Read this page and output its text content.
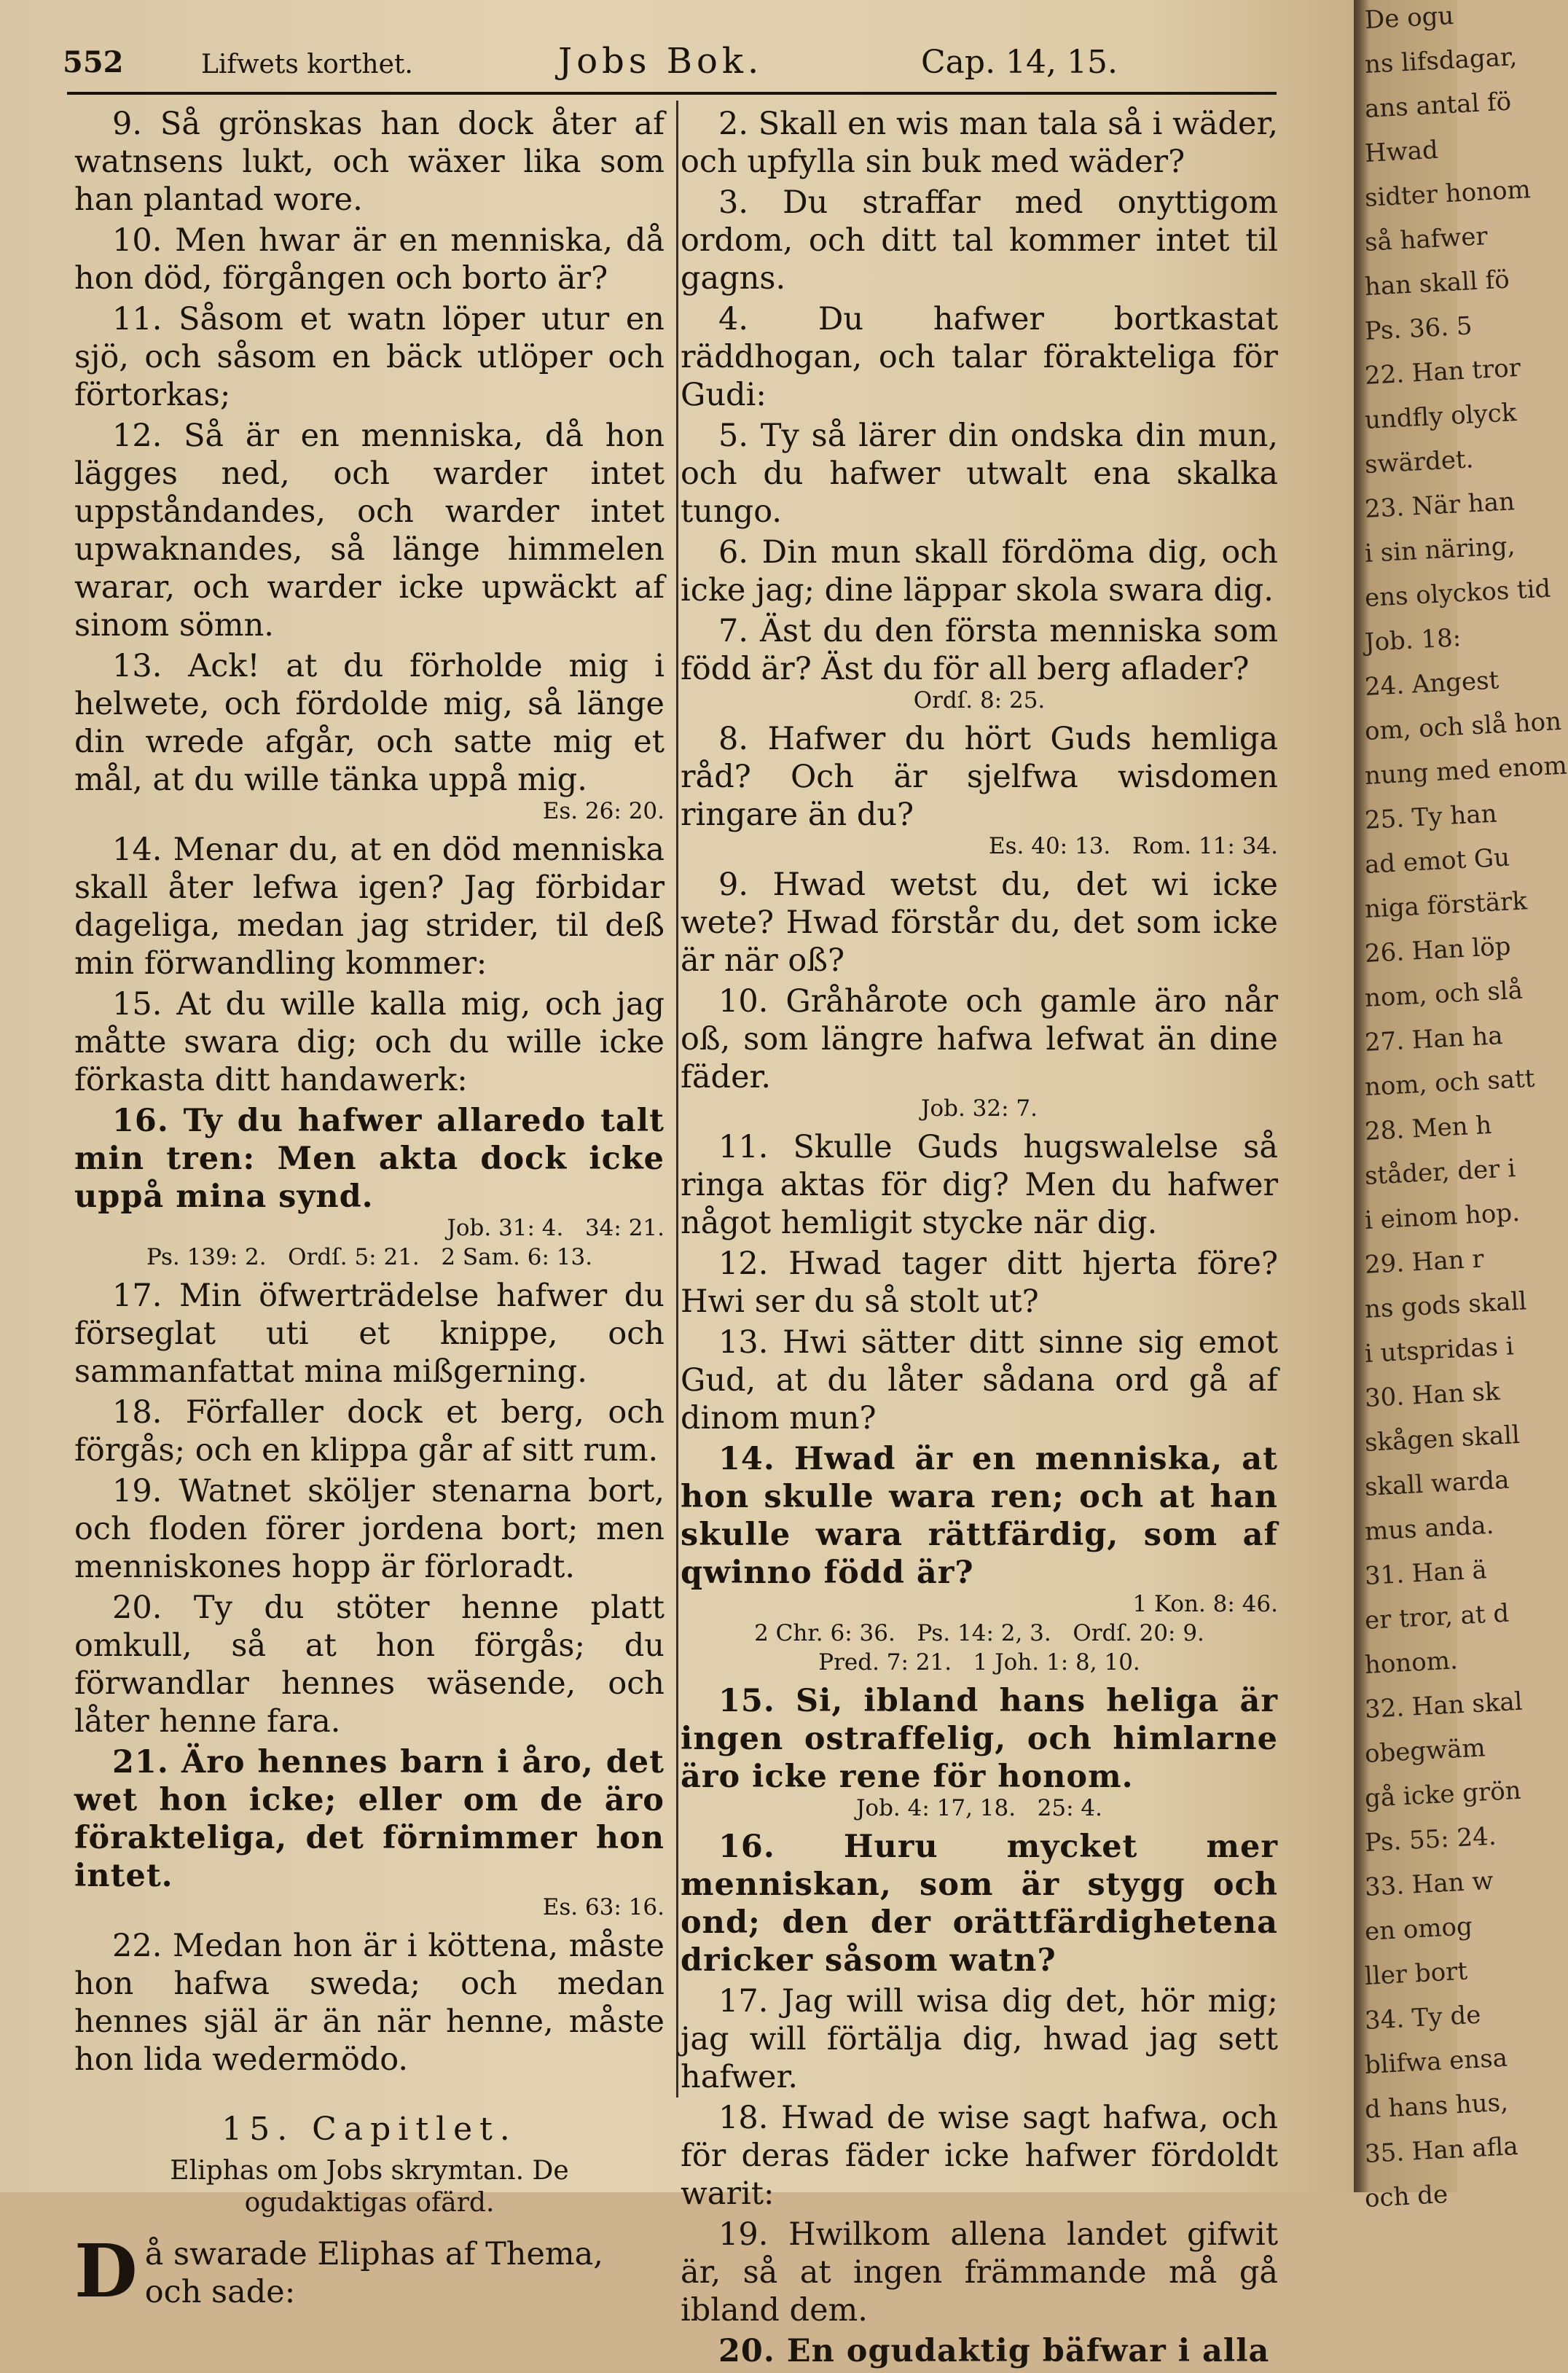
552	Lifwets korthet.	Jobs Bok.	Cap. 14, 15.

9. Så grönskas han dock åter af watnsens lukt, och wäxer lika som han plantad wore.

10. Men hwar är en menniska, då hon död, förgången och borto är?

11. Såsom et watn löper utur en sjö, och såsom en bäck utlöper och förtorkas;

12. Så är en menniska, då hon lägges ned, och warder intet uppståndandes, och warder intet upwaknandes, så länge himmelen warar, och warder icke upwäckt af sinom sömn.

13. Ack! at du förholde mig i helwete, och fördolde mig, så länge din wrede afgår, och satte mig et mål, at du wille tänka uppå mig.

Es. 26: 20.

14. Menar du, at en död menniska skall åter lefwa igen? Jag förbidar dageliga, medan jag strider, til deß min förwandling kommer:

15. At du wille kalla mig, och jag måtte swara dig; och du wille icke förkasta ditt handawerk:

16. Ty du hafwer allaredo talt min tren: Men akta dock icke uppå mina synd.

Job. 31: 4.   34: 21.
Ps. 139: 2.   Ordſ. 5: 21.   2 Sam. 6: 13.

17. Min öfwerträdelse hafwer du förseglat uti et knippe, och sammanfattat mina mißgerning.

18. Förfaller dock et berg, och förgås; och en klippa går af sitt rum.

19. Watnet sköljer stenarna bort, och floden förer jordena bort; men menniskones hopp är förloradt.

20. Ty du stöter henne platt omkull, så at hon förgås; du förwandlar hennes wäsende, och låter henne fara.

21. Äro hennes barn i åro, det wet hon icke; eller om de äro förakteliga, det förnimmer hon intet.

Es. 63: 16.

22. Medan hon är i köttena, måste hon hafwa sweda; och medan hennes själ är än när henne, måste hon lida wedermödo.

15. Capitlet.
Eliphas om Jobs skrymtan. De ogudaktigas ofärd.

Då swarade Eliphas af Thema, och sade:

2. Skall en wis man tala så i wäder, och upfylla sin buk med wäder?

3. Du straffar med onyttigom ordom, och ditt tal kommer intet til gagns.

4. Du hafwer bortkastat räddhogan, och talar förakteliga för Gudi:

5. Ty så lärer din ondska din mun, och du hafwer utwalt ena skalka tungo.

6. Din mun skall fördöma dig, och icke jag; dine läppar skola swara dig.

7. Äst du den första menniska som född är? Äst du för all berg aflader?

Ordſ. 8: 25.

8. Hafwer du hört Guds hemliga råd? Och är sjelfwa wisdomen ringare än du?

Es. 40: 13.   Rom. 11: 34.

9. Hwad wetst du, det wi icke wete? Hwad förstår du, det som icke är när oß?

10. Gråhårote och gamle äro når oß, som längre hafwa lefwat än dine fäder.

Job. 32: 7.

11. Skulle Guds hugswalelse så ringa aktas för dig? Men du hafwer något hemligit stycke när dig.

12. Hwad tager ditt hjerta före? Hwi ser du så stolt ut?

13. Hwi sätter ditt sinne sig emot Gud, at du låter sådana ord gå af dinom mun?

14. Hwad är en menniska, at hon skulle wara ren; och at han skulle wara rättfärdig, som af qwinno född är?

1 Kon. 8: 46.
2 Chr. 6: 36.   Ps. 14: 2, 3.   Ordſ. 20: 9.
Pred. 7: 21.   1 Joh. 1: 8, 10.

15. Si, ibland hans heliga är ingen ostraffelig, och himlarne äro icke rene för honom.

Job. 4: 17, 18.   25: 4.

16. Huru mycket mer menniskan, som är stygg och ond; den der orättfärdighetena dricker såsom watn?

17. Jag will wisa dig det, hör mig; jag will förtälja dig, hwad jag sett hafwer.

18. Hwad de wise sagt hafwa, och för deras fäder icke hafwer fördoldt warit:

19. Hwilkom allena landet gifwit är, så at ingen främmande må gå ibland dem.

20. En ogudaktig bäfwar i alla

De ogu
ns lifsdagar,
ans antal fö
Hwad
sidter honom
så hafwer
han skall fö
Ps. 36. 5
22. Han tror
undfly olyck
swärdet.
23. När han
i sin näring,
ens olyckos tid
Job. 18:
24. Angest
om, och slå hon
nung med enom
25. Ty han
ad emot Gu
niga förstärk
26. Han löp
nom, och slå
27. Han ha
nom, och satt
28. Men h
ståder, der i
i einom hop.
29. Han r
ns gods skall
i utspridas i
30. Han sk
skågen skall
skall warda
mus anda.
31. Han ä
er tror, at d
honom.
32. Han skal
obegwäm
gå icke grön
Ps. 55: 24.
33. Han w
en omog
ller bort
34. Ty de
blifwa ensa
d hans hus,
35. Han afla
och de
